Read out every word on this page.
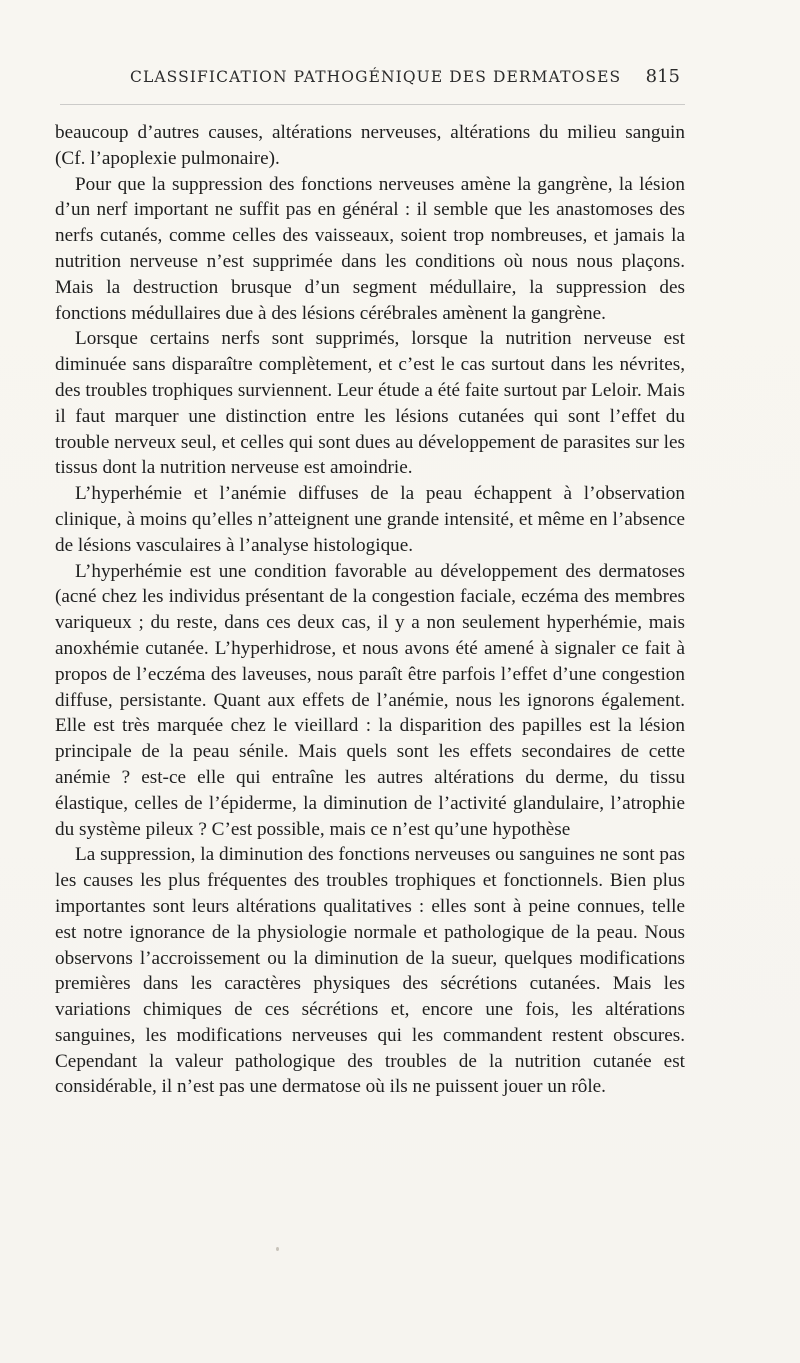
CLASSIFICATION PATHOGÉNIQUE DES DERMATOSES 815

beaucoup d’autres causes, altérations nerveuses, altérations du milieu sanguin (Cf. l’apoplexie pulmonaire).

Pour que la suppression des fonctions nerveuses amène la gangrène, la lésion d’un nerf important ne suffit pas en général : il semble que les anastomoses des nerfs cutanés, comme celles des vaisseaux, soient trop nombreuses, et jamais la nutrition nerveuse n’est supprimée dans les conditions où nous nous plaçons. Mais la destruction brusque d’un segment médullaire, la suppression des fonctions médullaires due à des lésions cérébrales amènent la gangrène.

Lorsque certains nerfs sont supprimés, lorsque la nutrition nerveuse est diminuée sans disparaître complètement, et c’est le cas surtout dans les névrites, des troubles trophiques surviennent. Leur étude a été faite surtout par Leloir. Mais il faut marquer une distinction entre les lésions cutanées qui sont l’effet du trouble nerveux seul, et celles qui sont dues au développement de parasites sur les tissus dont la nutrition nerveuse est amoindrie.

L’hyperhémie et l’anémie diffuses de la peau échappent à l’observation clinique, à moins qu’elles n’atteignent une grande intensité, et même en l’absence de lésions vasculaires à l’analyse histologique.

L’hyperhémie est une condition favorable au développement des dermatoses (acné chez les individus présentant de la congestion faciale, eczéma des membres variqueux ; du reste, dans ces deux cas, il y a non seulement hyperhémie, mais anoxhémie cutanée. L’hyperhidrose, et nous avons été amené à signaler ce fait à propos de l’eczéma des laveuses, nous paraît être parfois l’effet d’une congestion diffuse, persistante. Quant aux effets de l’anémie, nous les ignorons également. Elle est très marquée chez le vieillard : la disparition des papilles est la lésion principale de la peau sénile. Mais quels sont les effets secondaires de cette anémie ? est-ce elle qui entraîne les autres altérations du derme, du tissu élastique, celles de l’épiderme, la diminution de l’activité glandulaire, l’atrophie du système pileux ? C’est possible, mais ce n’est qu’une hypothèse

La suppression, la diminution des fonctions nerveuses ou sanguines ne sont pas les causes les plus fréquentes des troubles trophiques et fonctionnels. Bien plus importantes sont leurs altérations qualitatives : elles sont à peine connues, telle est notre ignorance de la physiologie normale et pathologique de la peau. Nous observons l’accroissement ou la diminution de la sueur, quelques modifications premières dans les caractères physiques des sécrétions cutanées. Mais les variations chimiques de ces sécrétions et, encore une fois, les altérations sanguines, les modifications nerveuses qui les commandent restent obscures. Cependant la valeur pathologique des troubles de la nutrition cutanée est considérable, il n’est pas une dermatose où ils ne puissent jouer un rôle.
